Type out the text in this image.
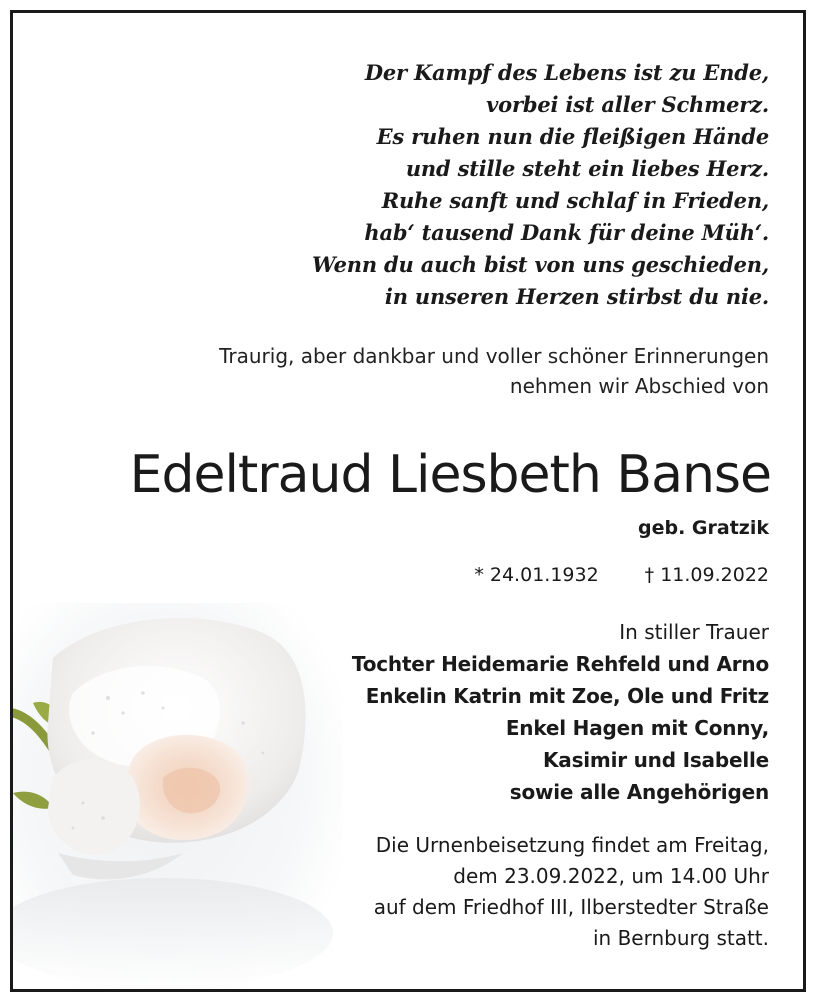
Der Kampf des Lebens ist zu Ende,
vorbei ist aller Schmerz.
Es ruhen nun die fleißigen Hände
und stille steht ein liebes Herz.
Ruhe sanft und schlaf in Frieden,
hab‘ tausend Dank für deine Müh‘.
Wenn du auch bist von uns geschieden,
in unseren Herzen stirbst du nie.
Traurig, aber dankbar und voller schöner Erinnerungen
nehmen wir Abschied von
Edeltraud Liesbeth Banse
geb. Gratzik
* 24.01.1932 † 11.09.2022
In stiller Trauer
Tochter Heidemarie Rehfeld und Arno
Enkelin Katrin mit Zoe, Ole und Fritz
Enkel Hagen mit Conny,
Kasimir und Isabelle
sowie alle Angehörigen
Die Urnenbeisetzung findet am Freitag,
dem 23.09.2022, um 14.00 Uhr
auf dem Friedhof III, Ilberstedter Straße
in Bernburg statt.
